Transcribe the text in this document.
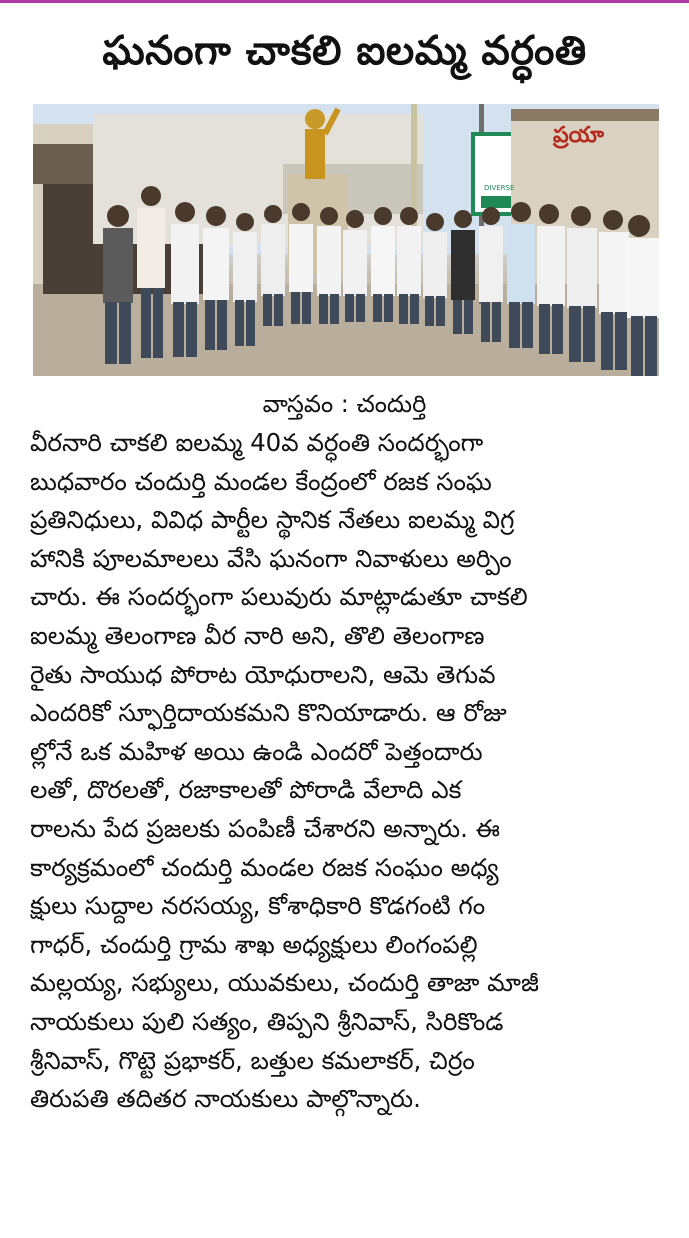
ఘనంగా చాకలి ఐలమ్మ వర్ధంతి
ప్రయా
DIVERSE
వాస్తవం : చందుర్తి
వీరనారి చాకలి ఐలమ్మ 40వ వర్ధంతి సందర్భంగా
బుధవారం చందుర్తి మండల కేంద్రంలో రజక సంఘ
ప్రతినిధులు, వివిధ పార్టీల స్థానిక నేతలు ఐలమ్మ విగ్ర
హానికి పూలమాలలు వేసి ఘనంగా నివాళులు అర్పిం
చారు. ఈ సందర్భంగా పలువురు మాట్లాడుతూ చాకలి
ఐలమ్మ తెలంగాణ వీర నారి అని, తొలి తెలంగాణ
రైతు సాయుధ పోరాట యోధురాలని, ఆమె తెగువ
ఎందరికో స్ఫూర్తిదాయకమని కొనియాడారు. ఆ రోజు
ల్లోనే ఒక మహిళ అయి ఉండి ఎందరో పెత్తందారు
లతో, దొరలతో, రజాకాలతో పోరాడి వేలాది ఎక
రాలను పేద ప్రజలకు పంపిణీ చేశారని అన్నారు. ఈ
కార్యక్రమంలో చందుర్తి మండల రజక సంఘం అధ్య
క్షులు సుద్దాల నరసయ్య, కోశాధికారి కొడగంటి గం
గాధర్, చందుర్తి గ్రామ శాఖ అధ్యక్షులు లింగంపల్లి
మల్లయ్య, సభ్యులు, యువకులు, చందుర్తి తాజా మాజీ
నాయకులు పులి సత్యం, తిప్పని శ్రీనివాస్, సిరికొండ
శ్రీనివాస్, గొట్టె ప్రభాకర్, బత్తుల కమలాకర్, చిర్రం
తిరుపతి తదితర నాయకులు పాల్గొన్నారు.
